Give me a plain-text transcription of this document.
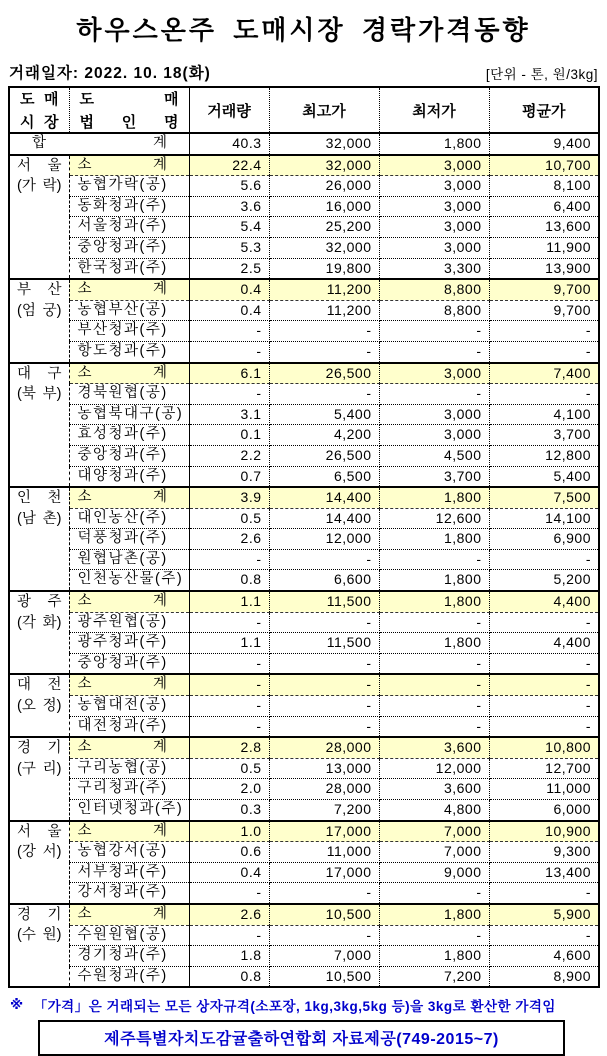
하우스온주 도매시장 경락가격동향
거래일자: 2022. 10. 18(화)	[단위 - 톤, 원/3kg]
도 매
시 장

도	매
법 인 명

거래량	최고가	최저가	평균가

합 계		40.3	32,000	1,800	9,400

서 울
(가 락)

소	계	22.4	32,000	3,000	10,700
	농협가락(공)	5.6	26,000	3,000	8,100
	동화청과(주)	3.6	16,000	3,000	6,400
	서울청과(주)	5.4	25,200	3,000	13,600
	중앙청과(주)	5.3	32,000	3,000	11,900
	한국청과(주)	2.5	19,800	3,300	13,900

부 산
(엄 궁)

소	계	0.4	11,200	8,800	9,700
	농협부산(공)	0.4	11,200	8,800	9,700
	부산청과(주)	-	-	-	-
	항도청과(주)	-	-	-	-

대 구
(북 부)

소	계	6.1	26,500	3,000	7,400
	경북원협(공)	-	-	-	-
	농협북대구(공)	3.1	5,400	3,000	4,100
	효성청과(주)	0.1	4,200	3,000	3,700
	중앙청과(주)	2.2	26,500	4,500	12,800
	대양청과(주)	0.7	6,500	3,700	5,400

인 천
(남 촌)

소	계	3.9	14,400	1,800	7,500
	대인농산(주)	0.5	14,400	12,600	14,100
	덕풍청과(주)	2.6	12,000	1,800	6,900
	원협남촌(공)	-	-	-	-
	인천농산물(주)	0.8	6,600	1,800	5,200

광 주
(각 화)

소	계	1.1	11,500	1,800	4,400
	광주원협(공)	-	-	-	-
	광주청과(주)	1.1	11,500	1,800	4,400
	중앙청과(주)	-	-	-	-

대 전
(오 정)

소	계	-	-	-	-
	농협대전(공)	-	-	-	-
	대전청과(주)	-	-	-	-

경 기
(구 리)

소	계	2.8	28,000	3,600	10,800
	구리농협(공)	0.5	13,000	12,000	12,700
	구리청과(주)	2.0	28,000	3,600	11,000
	인터넷청과(주)	0.3	7,200	4,800	6,000

서 울
(강 서)

소	계	1.0	17,000	7,000	10,900
	농협강서(공)	0.6	11,000	7,000	9,300
	서부청과(주)	0.4	17,000	9,000	13,400
	강서청과(주)	-	-	-	-

경 기
(수 원)

소	계	2.6	10,500	1,800	5,900
	수원원협(공)	-	-	-	-
	경기청과(주)	1.8	7,000	1,800	4,600
	수원청과(주)	0.8	10,500	7,200	8,900
※ 「가격」은 거래되는 모든 상자규격(소포장, 1kg,3kg,5kg 등)을 3kg로 환산한 가격임
제주특별자치도감귤출하연합회 자료제공(749-2015~7)
